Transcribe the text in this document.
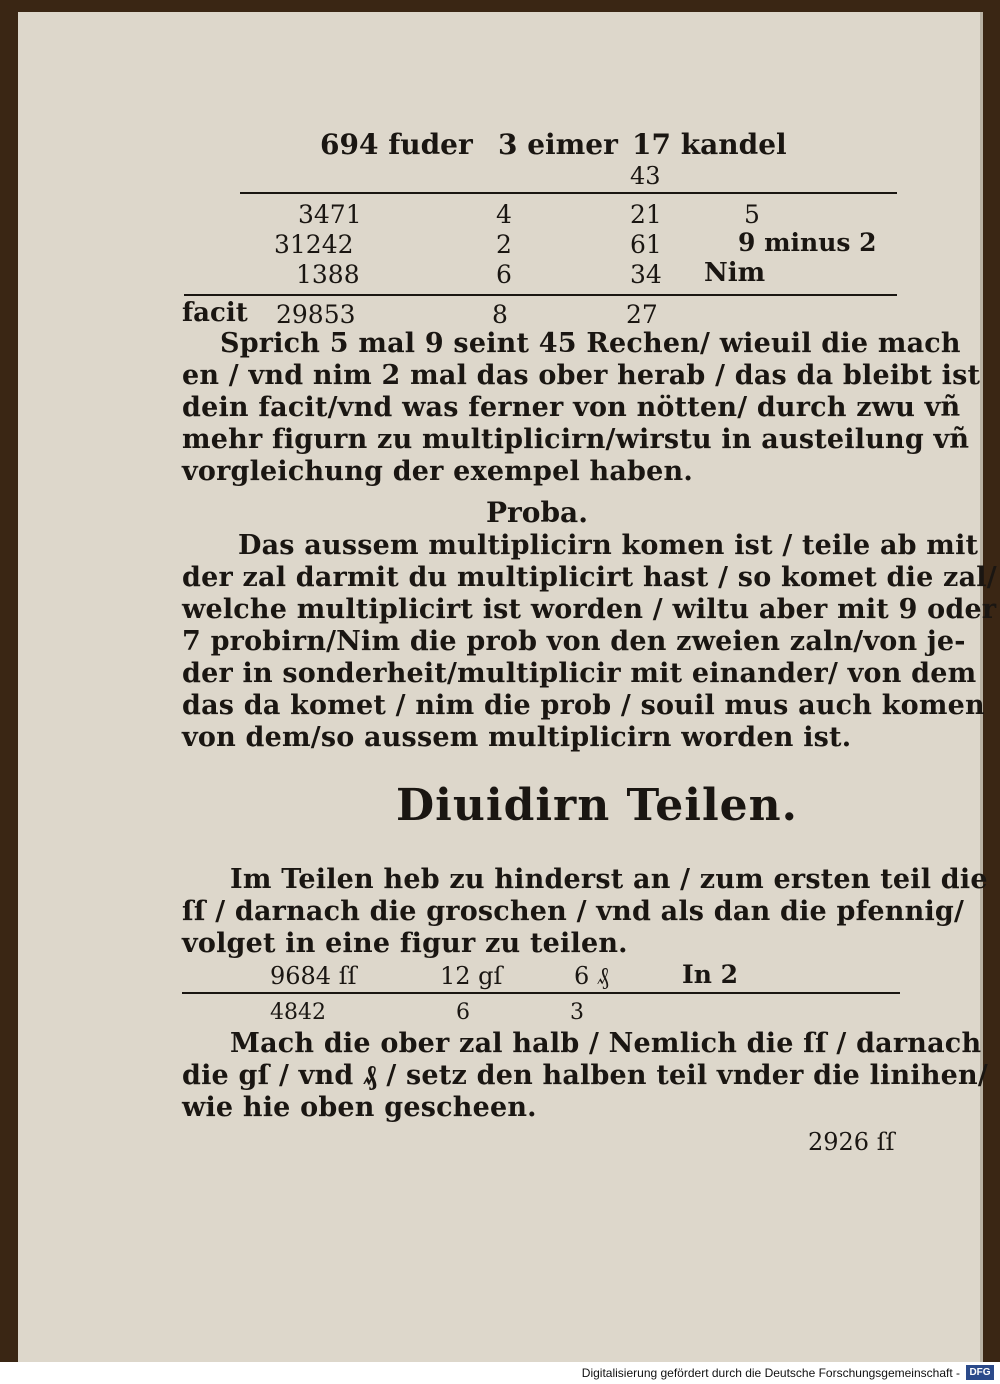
694 fuder 3 eimer 17 kandel
43
3471	4	21	5
31242	2	61	9 minus 2
1388	6	34 Nim
facit 29853	8	27
Sprich 5 mal 9 seint 45 Rechen/ wieuil die mach
en / vnd nim 2 mal das ober herab / das da bleibt ist
dein facit/vnd was ferner von nötten/ durch zwu vñ
mehr figurn zu multiplicirn/wirstu in austeilung vñ
vorgleichung der exempel haben.
Proba.
Das aussem multiplicirn komen ist / teile ab mit
der zal darmit du multiplicirt hast / so komet die zal/
welche multiplicirt ist worden / wiltu aber mit 9 oder
7 probirn/Nim die prob von den zweien zaln/von je-
der in sonderheit/multiplicir mit einander/ von dem
das da komet / nim die prob / souil mus auch komen
von dem/so aussem multiplicirn worden ist.
Diuidirn Teilen.
Im Teilen heb zu hinderst an / zum ersten teil die
ſſ / darnach die groschen / vnd als dan die pfennig/
volget in eine figur zu teilen.
9684 ſſ	12 gſ	6 ₰	In 2
4842	6	3
Mach die ober zal halb / Nemlich die ſſ / darnach
die gſ / vnd ₰ / setz den halben teil vnder die linihen/
wie hie oben gescheen.
2926 ſſ
Digitalisierung gefördert durch die Deutsche Forschungsgemeinschaft - DFG
